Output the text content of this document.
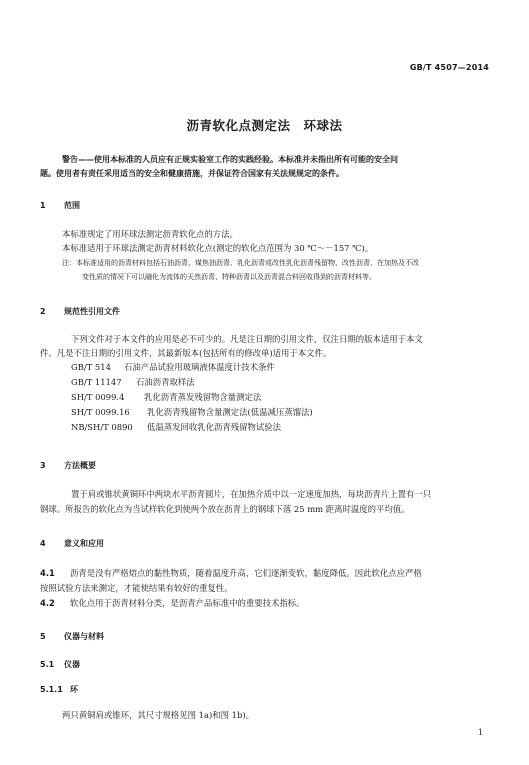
GB/T 4507—2014
沥青软化点测定法　环球法
警告——使用本标准的人员应有正规实验室工作的实践经验。本标准并未指出所有可能的安全问
题。使用者有责任采用适当的安全和健康措施，并保证符合国家有关法规规定的条件。
1 范围
本标准规定了用环球法测定沥青软化点的方法。
本标准适用于环球法测定沥青材料软化点(测定的软化点范围为 30 ℃～－157 ℃)。
注：本标准适用的沥青材料包括石油沥青、煤焦油沥青、乳化沥青或改性乳化沥青残留物、改性沥青、在加热及不改
变性质的情况下可以融化为流体的天然沥青、特种沥青以及沥青混合料回收得到的沥青材料等。
2 规范性引用文件
下列文件对于本文件的应用是必不可少的。凡是注日期的引用文件，仅注日期的版本适用于本文
件。凡是不注日期的引用文件，其最新版本(包括所有的修改单)适用于本文件。
GB/T 514 石油产品试验用玻璃液体温度计技术条件
GB/T 11147 石油沥青取样法
SH/T 0099.4 乳化沥青蒸发残留物含量测定法
SH/T 0099.16 乳化沥青残留物含量测定法(低温减压蒸馏法)
NB/SH/T 0890 低温蒸发回收乳化沥青残留物试验法
3 方法概要
置于肩或锥状黄铜环中两块水平沥青圆片，在加热介质中以一定速度加热，每块沥青片上置有一只
钢球。所报告的软化点为当试样软化到使两个放在沥青上的钢球下落 25 mm 距离时温度的平均值。
4 意义和应用
4.1 沥青是没有严格熔点的黏性物质，随着温度升高，它们逐渐变软，黏度降低。因此软化点应严格
按照试验方法来测定，才能使结果有较好的重复性。
4.2 软化点用于沥青材料分类，是沥青产品标准中的重要技术指标。
5 仪器与材料
5.1 仪器
5.1.1 环
两只黄铜肩或锥环，其尺寸规格见图 1a)和图 1b)。
1
